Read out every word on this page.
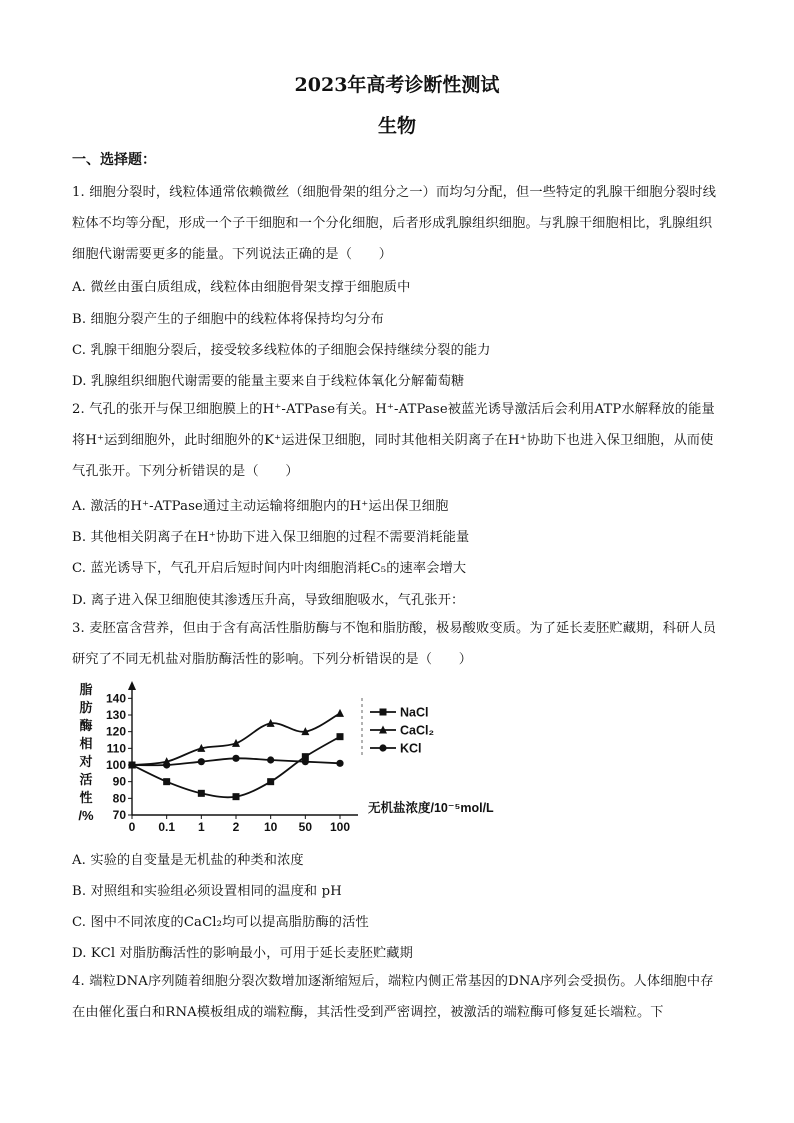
2023年高考诊断性测试
生物
一、选择题：
1. 细胞分裂时，线粒体通常依赖微丝（细胞骨架的组分之一）而均匀分配，但一些特定的乳腺干细胞分裂时线粒体不均等分配，形成一个子干细胞和一个分化细胞，后者形成乳腺组织细胞。与乳腺干细胞相比，乳腺组织细胞代谢需要更多的能量。下列说法正确的是（　　）
A. 微丝由蛋白质组成，线粒体由细胞骨架支撑于细胞质中
B. 细胞分裂产生的子细胞中的线粒体将保持均匀分布
C. 乳腺干细胞分裂后，接受较多线粒体的子细胞会保持继续分裂的能力
D. 乳腺组织细胞代谢需要的能量主要来自于线粒体氧化分解葡萄糖
2. 气孔的张开与保卫细胞膜上的H⁺-ATPase有关。H⁺-ATPase被蓝光诱导激活后会利用ATP水解释放的能量将H⁺运到细胞外，此时细胞外的K⁺运进保卫细胞，同时其他相关阴离子在H⁺协助下也进入保卫细胞，从而使气孔张开。下列分析错误的是（　　）
A. 激活的H⁺-ATPase通过主动运输将细胞内的H⁺运出保卫细胞
B. 其他相关阴离子在H⁺协助下进入保卫细胞的过程不需要消耗能量
C. 蓝光诱导下，气孔开启后短时间内叶肉细胞消耗C₅的速率会增大
D. 离子进入保卫细胞使其渗透压升高，导致细胞吸水，气孔张开：
3. 麦胚富含营养，但由于含有高活性脂肪酶与不饱和脂肪酸，极易酸败变质。为了延长麦胚贮藏期，科研人员研究了不同无机盐对脂肪酶活性的影响。下列分析错误的是（　　）
脂肪酶相对活性/% 70
80
90
100
110
120
130
140
0 0.1 1 2 10 50 100
无机盐浓度/10⁻⁵mol/L
NaCl
CaCl₂
KCl
A. 实验的自变量是无机盐的种类和浓度
B. 对照组和实验组必须设置相同的温度和 pH
C. 图中不同浓度的CaCl₂均可以提高脂肪酶的活性
D. KCl 对脂肪酶活性的影响最小，可用于延长麦胚贮藏期
4. 端粒DNA序列随着细胞分裂次数增加逐渐缩短后，端粒内侧正常基因的DNA序列会受损伤。人体细胞中存在由催化蛋白和RNA模板组成的端粒酶，其活性受到严密调控，被激活的端粒酶可修复延长端粒。下
